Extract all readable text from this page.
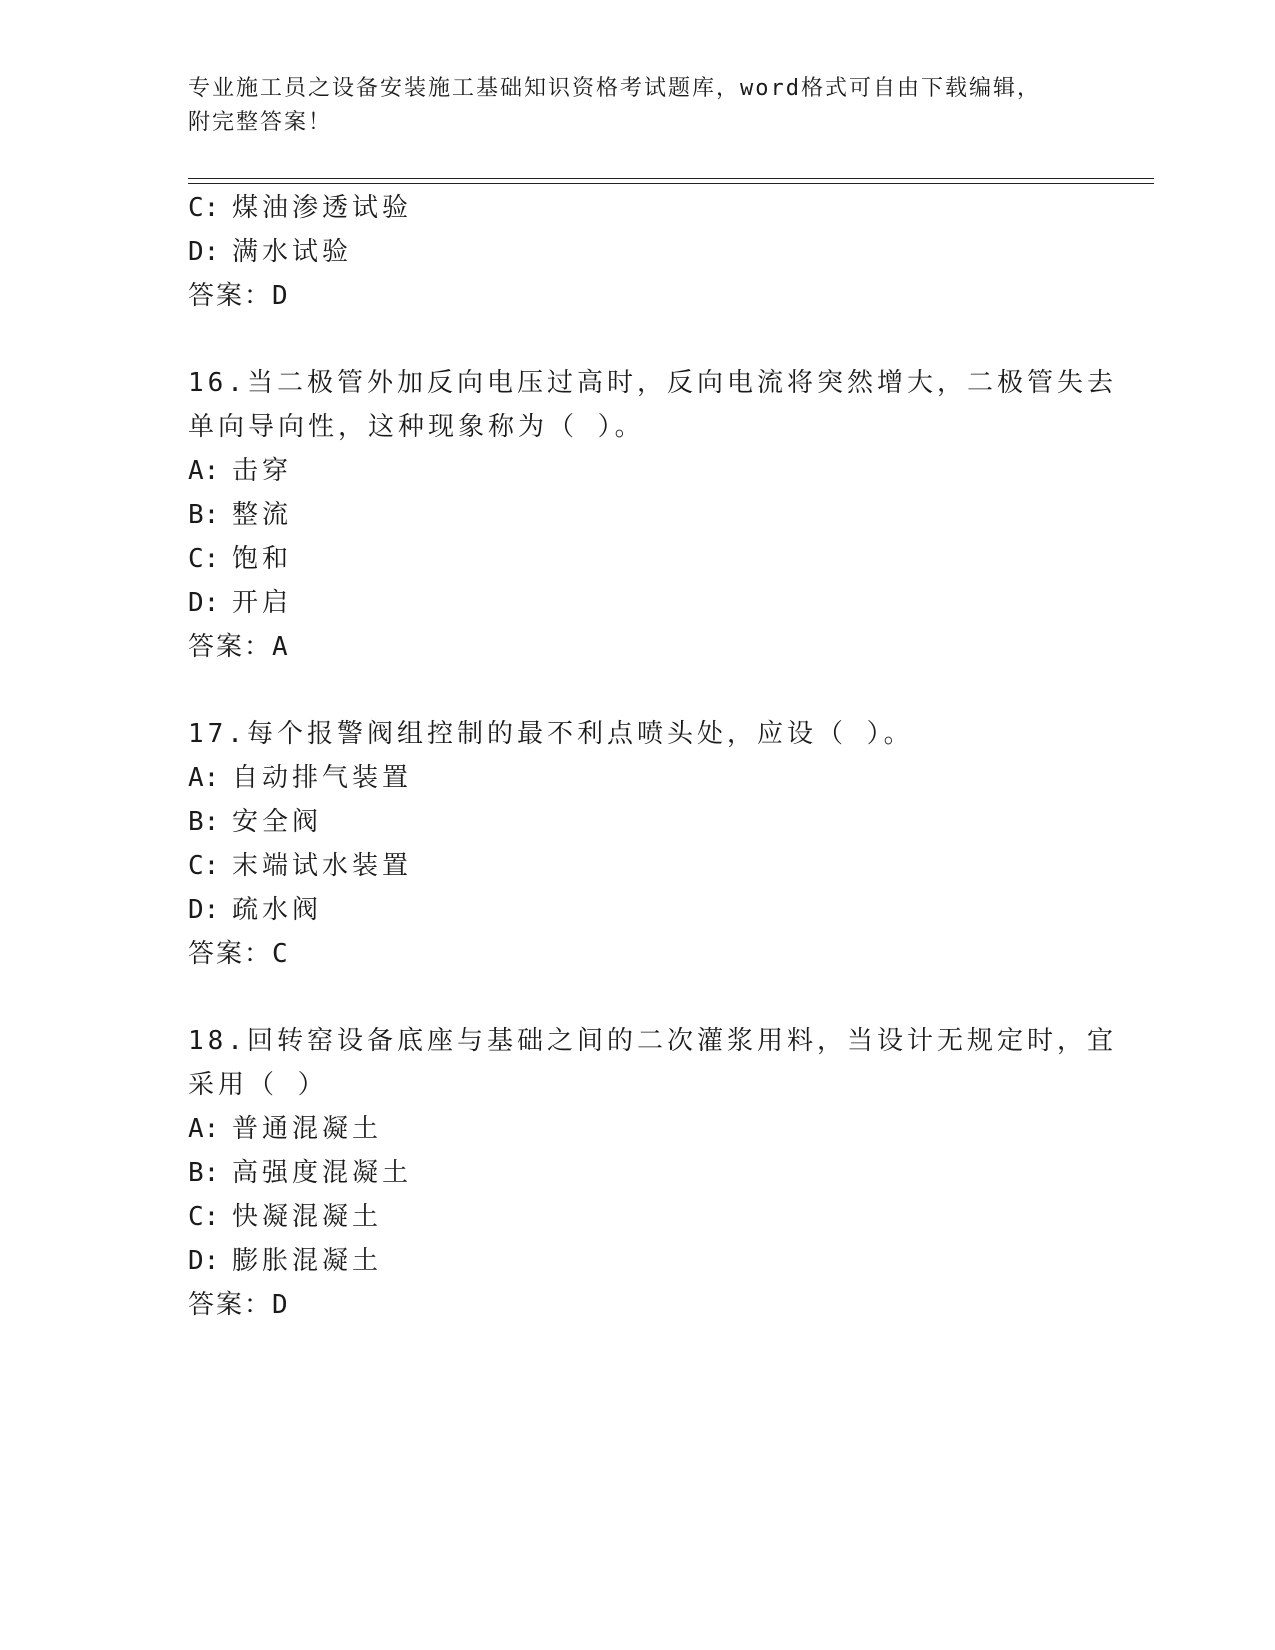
专业施工员之设备安装施工基础知识资格考试题库，word格式可自由下载编辑，
附完整答案！
C: 煤油渗透试验
D: 满水试验
答案：D
16.当二极管外加反向电压过高时，反向电流将突然增大，二极管失去
单向导向性，这种现象称为（ ）。
A: 击穿
B: 整流
C: 饱和
D: 开启
答案：A
17.每个报警阀组控制的最不利点喷头处，应设（ ）。
A: 自动排气装置
B: 安全阀
C: 末端试水装置
D: 疏水阀
答案：C
18.回转窑设备底座与基础之间的二次灌浆用料，当设计无规定时，宜
采用（ ）
A: 普通混凝土
B: 高强度混凝土
C: 快凝混凝土
D: 膨胀混凝土
答案：D
